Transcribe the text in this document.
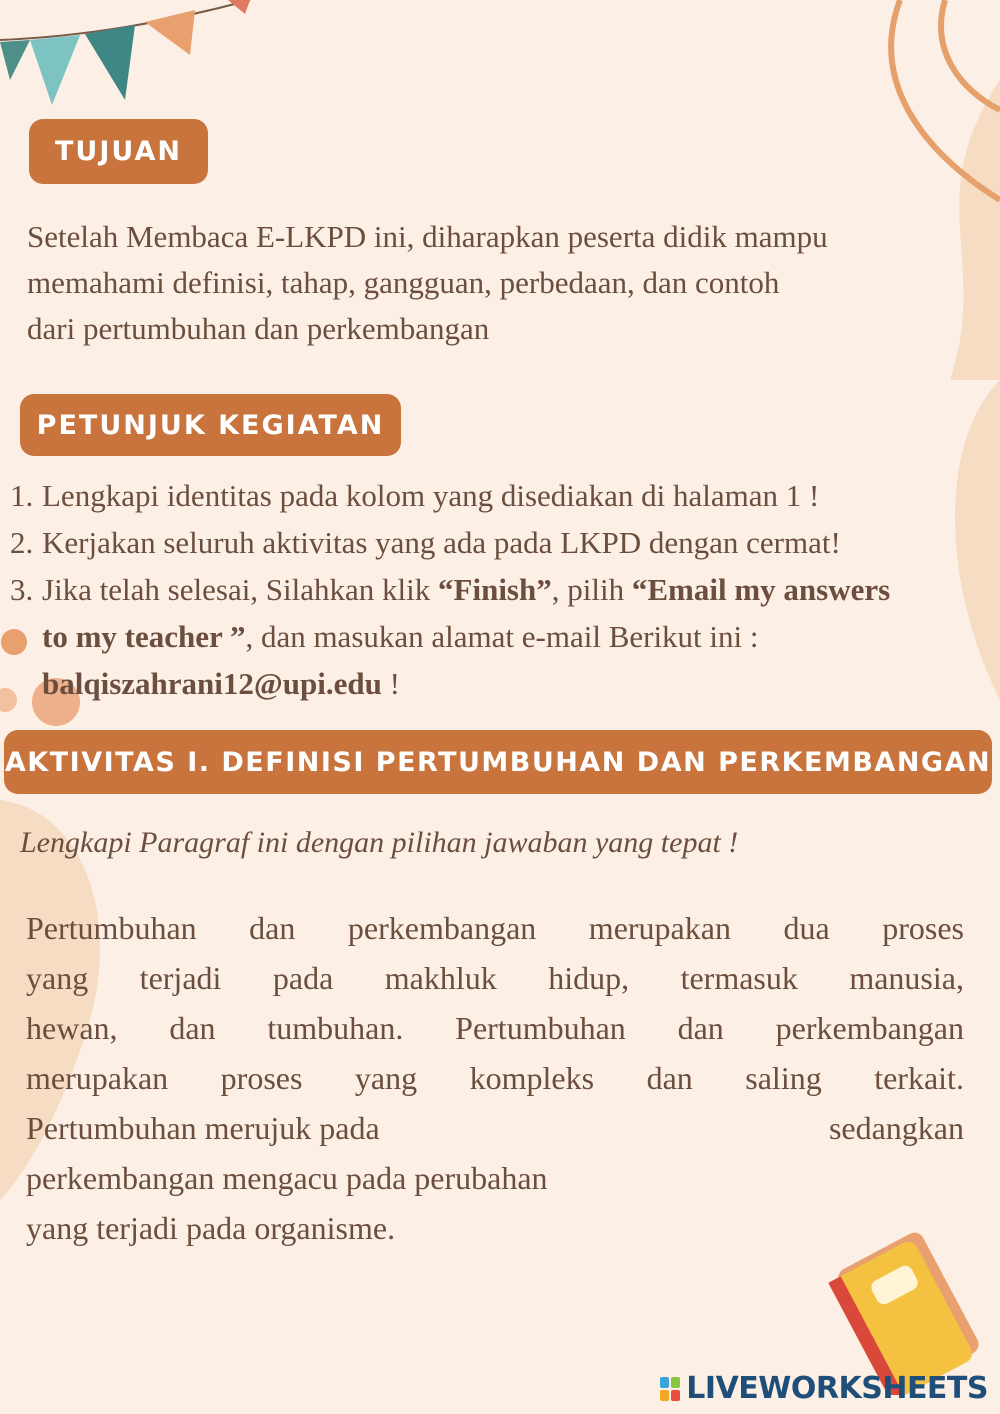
TUJUAN
Setelah Membaca E-LKPD ini, diharapkan peserta didik mampu
memahami definisi, tahap, gangguan, perbedaan, dan contoh
dari pertumbuhan dan perkembangan
PETUNJUK KEGIATAN
1. Lengkapi identitas pada kolom yang disediakan di halaman 1 !
2. Kerjakan seluruh aktivitas yang ada pada LKPD dengan cermat!
3. Jika telah selesai, Silahkan klik “Finish”, pilih “Email my answers
to my teacher ”, dan masukan alamat e-mail Berikut ini :
balqiszahrani12@upi.edu !
AKTIVITAS I. DEFINISI PERTUMBUHAN DAN PERKEMBANGAN
Lengkapi Paragraf ini dengan pilihan jawaban yang tepat !
Pertumbuhan dan perkembangan merupakan dua proses
yang terjadi pada makhluk hidup, termasuk manusia,
hewan, dan tumbuhan. Pertumbuhan dan perkembangan
merupakan proses yang kompleks dan saling terkait.
Pertumbuhan merujuk pada	sedangkan
perkembangan mengacu pada perubahan
yang terjadi pada organisme.
LIVEWORKSHEETS
